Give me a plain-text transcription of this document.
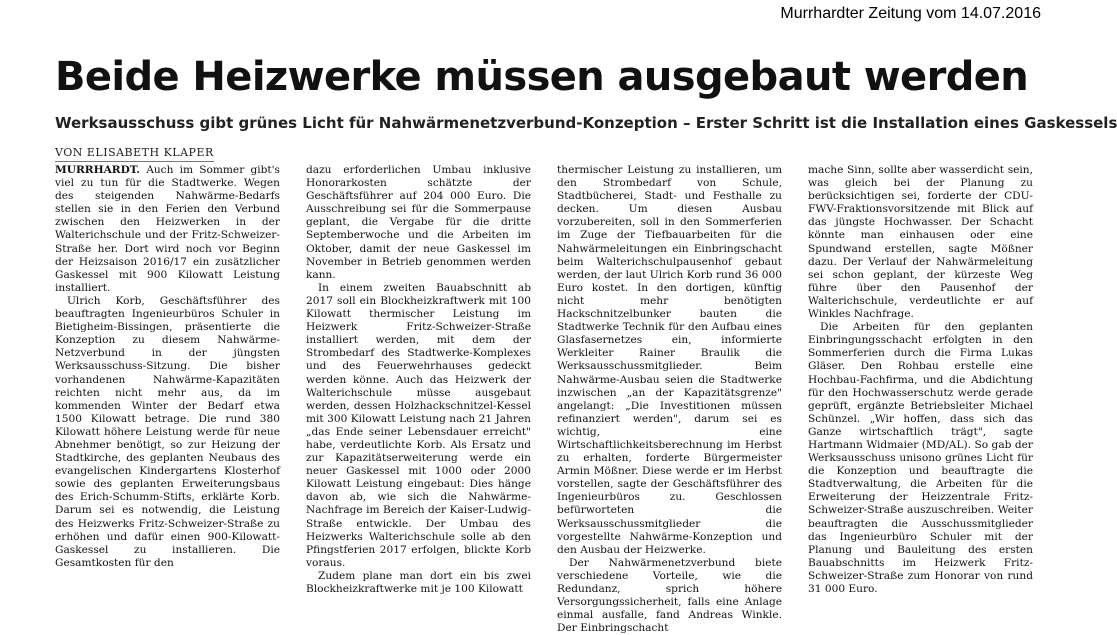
Murrhardter Zeitung vom 14.07.2016
Beide Heizwerke müssen ausgebaut werden
Werksausschuss gibt grünes Licht für Nahwärmenetzverbund-Konzeption – Erster Schritt ist die Installation eines Gaskessels
VON ELISABETH KLAPER

MURRHARDT. Auch im Sommer gibt's viel zu tun für die Stadtwerke. Wegen des steigenden Nahwärme-Bedarfs stellen sie in den Ferien den Verbund zwischen den Heizwerken in der Walterichschule und der Fritz-Schweizer-Straße her. Dort wird noch vor Beginn der Heizsaison 2016/17 ein zusätzlicher Gaskessel mit 900 Kilowatt Leistung installiert.

Ulrich Korb, Geschäftsführer des beauftragten Ingenieurbüros Schuler in Bietigheim-Bissingen, präsentierte die Konzeption zu diesem Nahwärme-Netzverbund in der jüngsten Werksausschuss-Sitzung. Die bisher vorhandenen Nahwärme-Kapazitäten reichten nicht mehr aus, da im kommenden Winter der Bedarf etwa 1500 Kilowatt betrage. Die rund 380 Kilowatt höhere Leistung werde für neue Abnehmer benötigt, so zur Heizung der Stadtkirche, des geplanten Neubaus des evangelischen Kindergartens Klosterhof sowie des geplanten Erweiterungsbaus des Erich-Schumm-Stifts, erklärte Korb. Darum sei es notwendig, die Leistung des Heizwerks Fritz-Schweizer-Straße zu erhöhen und dafür einen 900-Kilowatt-Gaskessel zu installieren. Die Gesamtkosten für den

dazu erforderlichen Umbau inklusive Honorarkosten schätzte der Geschäftsführer auf 204 000 Euro. Die Ausschreibung sei für die Sommerpause geplant, die Vergabe für die dritte Septemberwoche und die Arbeiten im Oktober, damit der neue Gaskessel im November in Betrieb genommen werden kann.

In einem zweiten Bauabschnitt ab 2017 soll ein Blockheizkraftwerk mit 100 Kilowatt thermischer Leistung im Heizwerk Fritz-Schweizer-Straße installiert werden, mit dem der Strombedarf des Stadtwerke-Komplexes und des Feuerwehrhauses gedeckt werden könne. Auch das Heizwerk der Walterichschule müsse ausgebaut werden, dessen Holzhackschnitzel-Kessel mit 300 Kilowatt Leistung nach 21 Jahren „das Ende seiner Lebensdauer erreicht" habe, verdeutlichte Korb. Als Ersatz und zur Kapazitätserweiterung werde ein neuer Gaskessel mit 1000 oder 2000 Kilowatt Leistung eingebaut: Dies hänge davon ab, wie sich die Nahwärme-Nachfrage im Bereich der Kaiser-Ludwig-Straße entwickle. Der Umbau des Heizwerks Walterichschule solle ab den Pfingstferien 2017 erfolgen, blickte Korb voraus.

Zudem plane man dort ein bis zwei Blockheizkraftwerke mit je 100 Kilowatt

thermischer Leistung zu installieren, um den Strombedarf von Schule, Stadtbücherei, Stadt- und Festhalle zu decken. Um diesen Ausbau vorzubereiten, soll in den Sommerferien im Zuge der Tiefbauarbeiten für die Nahwärmeleitungen ein Einbringschacht beim Walterichschulpausenhof gebaut werden, der laut Ulrich Korb rund 36 000 Euro kostet. In den dortigen, künftig nicht mehr benötigten Hackschnitzelbunker bauten die Stadtwerke Technik für den Aufbau eines Glasfasernetzes ein, informierte Werkleiter Rainer Braulik die Werksausschussmitglieder. Beim Nahwärme-Ausbau seien die Stadtwerke inzwischen „an der Kapazitätsgrenze" angelangt: „Die Investitionen müssen refinanziert werden", darum sei es wichtig, eine Wirtschaftlichkeitsberechnung im Herbst zu erhalten, forderte Bürgermeister Armin Mößner. Diese werde er im Herbst vorstellen, sagte der Geschäftsführer des Ingenieurbüros zu. Geschlossen befürworteten die Werksausschussmitglieder die vorgestellte Nahwärme-Konzeption und den Ausbau der Heizwerke.

Der Nahwärmenetzverbund biete verschiedene Vorteile, wie die Redundanz, sprich höhere Versorgungssicherheit, falls eine Anlage einmal ausfalle, fand Andreas Winkle. Der Einbringschacht

mache Sinn, sollte aber wasserdicht sein, was gleich bei der Planung zu berücksichtigen sei, forderte der CDU-FWV-Fraktionsvorsitzende mit Blick auf das jüngste Hochwasser. Der Schacht könnte man einhausen oder eine Spundwand erstellen, sagte Mößner dazu. Der Verlauf der Nahwärmeleitung sei schon geplant, der kürzeste Weg führe über den Pausenhof der Walterichschule, verdeutlichte er auf Winkles Nachfrage.

Die Arbeiten für den geplanten Einbringungsschacht erfolgten in den Sommerferien durch die Firma Lukas Gläser. Den Rohbau erstelle eine Hochbau-Fachfirma, und die Abdichtung für den Hochwasserschutz werde gerade geprüft, ergänzte Betriebsleiter Michael Schünzel. „Wir hoffen, dass sich das Ganze wirtschaftlich trägt", sagte Hartmann Widmaier (MD/AL). So gab der Werksausschuss unisono grünes Licht für die Konzeption und beauftragte die Stadtverwaltung, die Arbeiten für die Erweiterung der Heizzentrale Fritz-Schweizer-Straße auszuschreiben. Weiter beauftragten die Ausschussmitglieder das Ingenieurbüro Schuler mit der Planung und Bauleitung des ersten Bauabschnitts im Heizwerk Fritz-Schweizer-Straße zum Honorar von rund 31 000 Euro.
